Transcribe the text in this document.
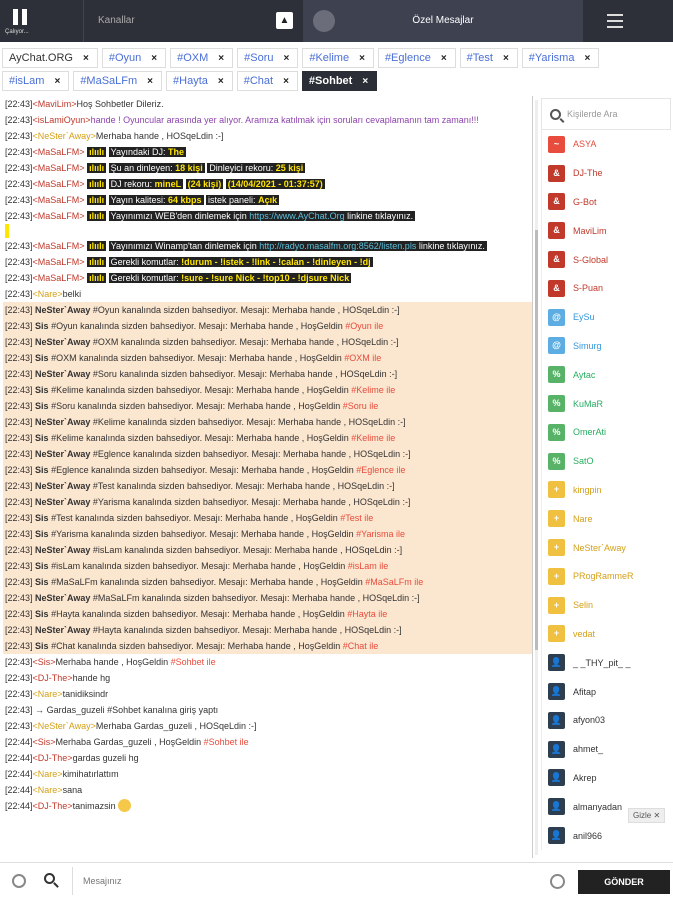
Çalıyor...
Kanallar	▲	Özel Mesajlar
AyChat.ORG × #Oyun × #OXM × #Soru × #Kelime × #Eglence × #Test × #Yarisma ×
#isLam × #MaSaLFm × #Hayta × #Chat × #Sohbet ×
[22:43]<MaviLim>Hoş Sohbetler Dileriz.
[22:43]<isLamiOyun>hande ! Oyuncular arasında yer alıyor. Aramıza katılmak için soruları cevaplamanın tam zamanı!!!
[22:43]<NeSter`Away>Merhaba hande , HOSqeLdin :-]
[22:43]<MaSaLFM> ılıılı Yayındaki DJ: The
[22:43]<MaSaLFM> ılıılı Şu an dinleyen: 18 kişi Dinleyici rekoru: 25 kişi
[22:43]<MaSaLFM> ılıılı DJ rekoru: mineL (24 kişi) (14/04/2021 - 01:37:57)
[22:43]<MaSaLFM> ılıılı Yayın kalitesi: 64 kbps istek paneli: Açık
[22:43]<MaSaLFM> ılıılı Yayınımızı WEB'den dinlemek için https://www.AyChat.Org linkine tıklayınız.
[22:43]<MaSaLFM> ılıılı Yayınımızı Winamp'tan dinlemek için http://radyo.masalfm.org:8562/listen.pls linkine tıklayınız.
[22:43]<MaSaLFM> ılıılı Gerekli komutlar: !durum - !istek - !link - !calan - !dinleyen - !dj
[22:43]<MaSaLFM> ılıılı Gerekli komutlar: !sure - !sure Nick - !top10 - !djsure Nick
[22:43]<Nare>belki
[22:43] NeSter`Away #Oyun kanalında sizden bahsediyor. Mesajı: Merhaba hande , HOSqeLdin :-]
[22:43] Sis #Oyun kanalında sizden bahsediyor. Mesajı: Merhaba hande , HoşGeldin #Oyun ile
[22:43] NeSter`Away #OXM kanalında sizden bahsediyor. Mesajı: Merhaba hande , HOSqeLdin :-]
[22:43] Sis #OXM kanalında sizden bahsediyor. Mesajı: Merhaba hande , HoşGeldin #OXM ile
[22:43] NeSter`Away #Soru kanalında sizden bahsediyor. Mesajı: Merhaba hande , HOSqeLdin :-]
[22:43] Sis #Kelime kanalında sizden bahsediyor. Mesajı: Merhaba hande , HoşGeldin #Kelime ile
[22:43] Sis #Soru kanalında sizden bahsediyor. Mesajı: Merhaba hande , HoşGeldin #Soru ile
[22:43] NeSter`Away #Kelime kanalında sizden bahsediyor. Mesajı: Merhaba hande , HOSqeLdin :-]
[22:43] Sis #Kelime kanalında sizden bahsediyor. Mesajı: Merhaba hande , HoşGeldin #Kelime ile
[22:43] NeSter`Away #Eglence kanalında sizden bahsediyor. Mesajı: Merhaba hande , HOSqeLdin :-]
[22:43] Sis #Eglence kanalında sizden bahsediyor. Mesajı: Merhaba hande , HoşGeldin #Eglence ile
[22:43] NeSter`Away #Test kanalında sizden bahsediyor. Mesajı: Merhaba hande , HOSqeLdin :-]
[22:43] NeSter`Away #Yarisma kanalında sizden bahsediyor. Mesajı: Merhaba hande , HOSqeLdin :-]
[22:43] Sis #Test kanalında sizden bahsediyor. Mesajı: Merhaba hande , HoşGeldin #Test ile
[22:43] Sis #Yarisma kanalında sizden bahsediyor. Mesajı: Merhaba hande , HoşGeldin #Yarisma ile
[22:43] NeSter`Away #isLam kanalında sizden bahsediyor. Mesajı: Merhaba hande , HOSqeLdin :-]
[22:43] Sis #isLam kanalında sizden bahsediyor. Mesajı: Merhaba hande , HoşGeldin #isLam ile
[22:43] Sis #MaSaLFm kanalında sizden bahsediyor. Mesajı: Merhaba hande , HoşGeldin #MaSaLFm ile
[22:43] NeSter`Away #MaSaLFm kanalında sizden bahsediyor. Mesajı: Merhaba hande , HOSqeLdin :-]
[22:43] Sis #Hayta kanalında sizden bahsediyor. Mesajı: Merhaba hande , HoşGeldin #Hayta ile
[22:43] NeSter`Away #Hayta kanalında sizden bahsediyor. Mesajı: Merhaba hande , HOSqeLdin :-]
[22:43] Sis #Chat kanalında sizden bahsediyor. Mesajı: Merhaba hande , HoşGeldin #Chat ile
[22:43]<Sis>Merhaba hande , HoşGeldin #Sohbet ile
[22:43]<DJ-The>hande hg
[22:43]<Nare>tanidiksindr
[22:43] → Gardas_guzeli #Sohbet kanalına giriş yaptı
[22:43]<NeSter`Away>Merhaba Gardas_guzeli , HOSqeLdin :-]
[22:44]<Sis>Merhaba Gardas_guzeli , HoşGeldin #Sohbet ile
[22:44]<DJ-The>gardas guzeli hg
[22:44]<Nare>kimihatırlattım
[22:44]<Nare>sana
[22:44]<DJ-The>tanimazsin
Kişilerde Ara
~	ASYA
&	DJ-The
&	G-Bot
&	MaviLim
&	S-Global
&	S-Puan
@	EySu
@	Simurg
%	Aytac
%	KuMaR
%	OmerAti
%	SatO
+	kingpin
+	Nare
+	NeSter`Away
+	PRogRammeR
+	Selin
+	vedat
👤	_ _THY_pit_ _
👤	Afitap
👤	afyon03
👤	ahmet_
👤	Akrep
👤	almanyadan
👤	anil966
Gizle ✕
Mesajınız
GÖNDER
